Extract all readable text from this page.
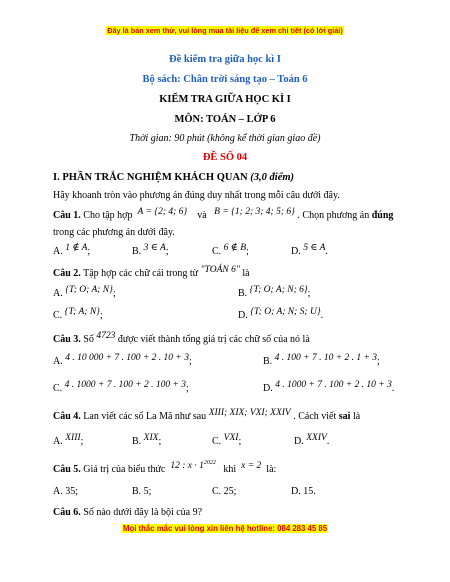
Đây là bản xem thử, vui lòng mua tài liệu để xem chi tiết (có lời giải)
Đề kiểm tra giữa học kì I
Bộ sách: Chân trời sáng tạo – Toán 6
KIỂM TRA GIỮA HỌC KÌ I
MÔN: TOÁN – LỚP 6
Thời gian: 90 phút (không kể thời gian giao đề)
ĐỀ SỐ 04
I. PHẦN TRẮC NGHIỆM KHÁCH QUAN (3,0 điểm)
Hãy khoanh tròn vào phương án đúng duy nhất trong mỗi câu dưới đây.
Câu 1. Cho tập hợp A = {2; 4; 6} và B = {1; 2; 3; 4; 5; 6} . Chọn phương án đúng
trong các phương án dưới đây.
A. 1 ∉ A;	B. 3 ∈ A;	C. 6 ∉ B;	D. 5 ∈ A.
Câu 2. Tập hợp các chữ cái trong từ "TOÁN 6" là
A. {T; O; A; N};	B. {T; O; A; N; 6};
C. {T; A; N};	D. {T; O; A; N; S; U}.
Câu 3. Số 4723 được viết thành tổng giá trị các chữ số của nó là
A. 4 . 10 000 + 7 . 100 + 2 . 10 + 3;	B. 4 . 100 + 7 . 10 + 2 . 1 + 3;
C. 4 . 1000 + 7 . 100 + 2 . 100 + 3;	D. 4 . 1000 + 7 . 100 + 2 . 10 + 3.
Câu 4. Lan viết các số La Mã như sau XIII; XIX; VXI; XXIV . Cách viết sai là
A. XIII;	B. XIX;	C. VXI;	D. XXIV.
Câu 5. Giá trị của biểu thức 12 : $x \cdot 1^{2022}$   khi x = 2 là:
A. 35;	B. 5;	C. 25;	D. 15.
Câu 6. Số nào dưới đây là bội của 9?
Mọi thắc mắc vui lòng xin liên hệ hotline: 084 283 45 85
